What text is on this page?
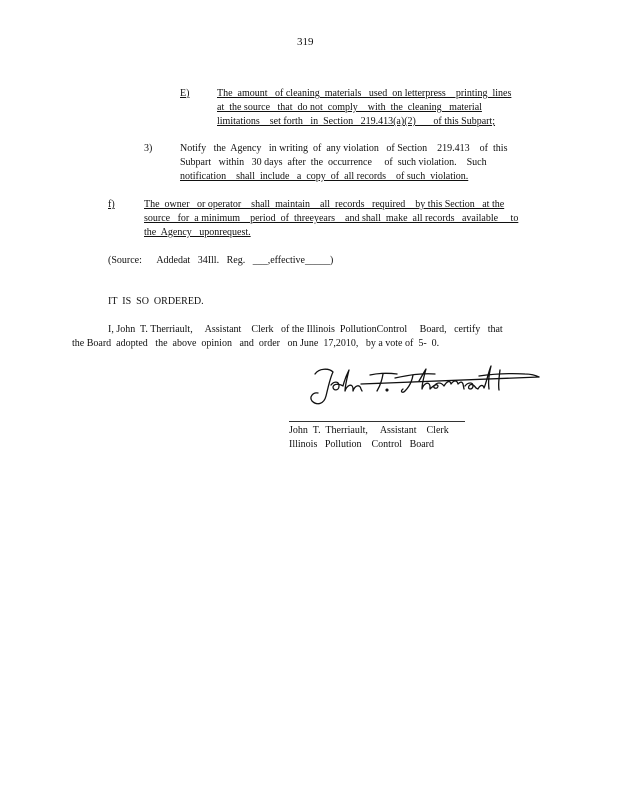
319
E)	The  amount   of cleaning  materials   used  on letterpress    printing  lines
at  the source   that  do not  comply    with  the  cleaning   material
limitations    set forth   in  Section   219.413(a)(2)       of this Subpart;
3)	Notify   the  Agency   in writing  of  any violation   of Section    219.413    of  this
Subpart   within   30 days  after  the  occurrence     of  such violation.    Such
notification    shall  include   a  copy  of  all records    of such  violation.
f)	The  owner   or operator    shall  maintain    all  records   required    by this Section   at the
source   for  a minimum    period  of  threeyears    and shall  make  all records   available     to
the  Agency   uponrequest.
(Source:      Addedat   34Ill.   Reg.   ___,effective_____)
IT  IS  SO  ORDERED.
I, John  T. Therriault,     Assistant    Clerk   of the Illinois  PollutionControl     Board,   certify   that
the Board  adopted   the  above  opinion   and  order   on June  17,2010,   by a vote of  5-  0.
John  T.  Therriault,     Assistant    Clerk
Illinois   Pollution    Control   Board
